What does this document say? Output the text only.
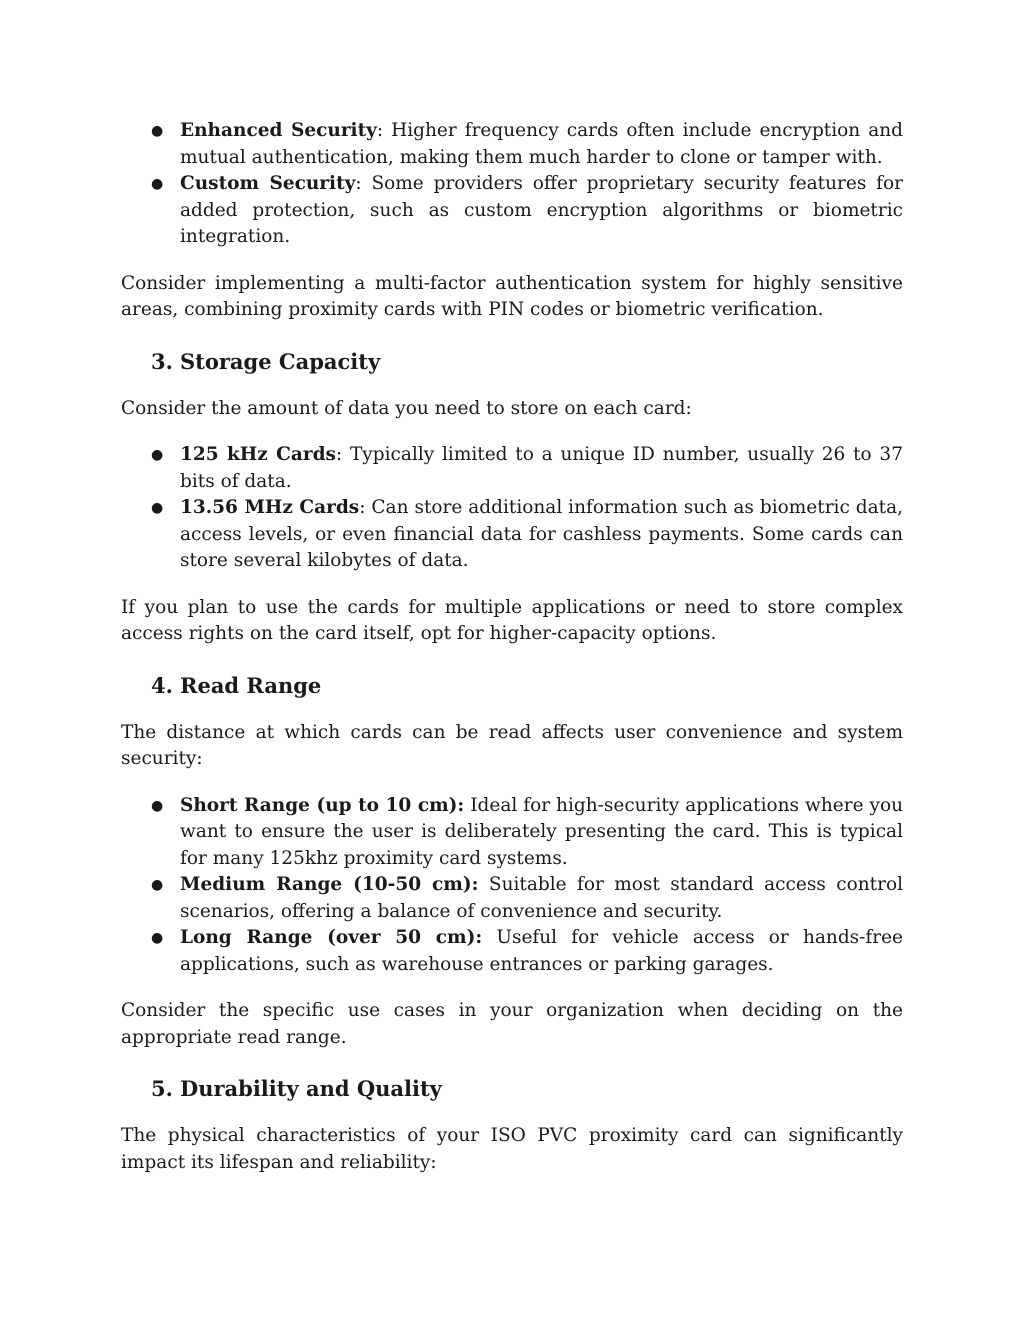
● Enhanced Security: Higher frequency cards often include encryption and mutual authentication, making them much harder to clone or tamper with.
● Custom Security: Some providers offer proprietary security features for added protection, such as custom encryption algorithms or biometric integration.

Consider implementing a multi-factor authentication system for highly sensitive areas, combining proximity cards with PIN codes or biometric verification.

3. Storage Capacity

Consider the amount of data you need to store on each card:

● 125 kHz Cards: Typically limited to a unique ID number, usually 26 to 37 bits of data.
● 13.56 MHz Cards: Can store additional information such as biometric data, access levels, or even financial data for cashless payments. Some cards can store several kilobytes of data.

If you plan to use the cards for multiple applications or need to store complex access rights on the card itself, opt for higher-capacity options.

4. Read Range

The distance at which cards can be read affects user convenience and system security:

● Short Range (up to 10 cm): Ideal for high-security applications where you want to ensure the user is deliberately presenting the card. This is typical for many 125khz proximity card systems.
● Medium Range (10-50 cm): Suitable for most standard access control scenarios, offering a balance of convenience and security.
● Long Range (over 50 cm): Useful for vehicle access or hands-free applications, such as warehouse entrances or parking garages.

Consider the specific use cases in your organization when deciding on the appropriate read range.

5. Durability and Quality

The physical characteristics of your ISO PVC proximity card can significantly impact its lifespan and reliability:
